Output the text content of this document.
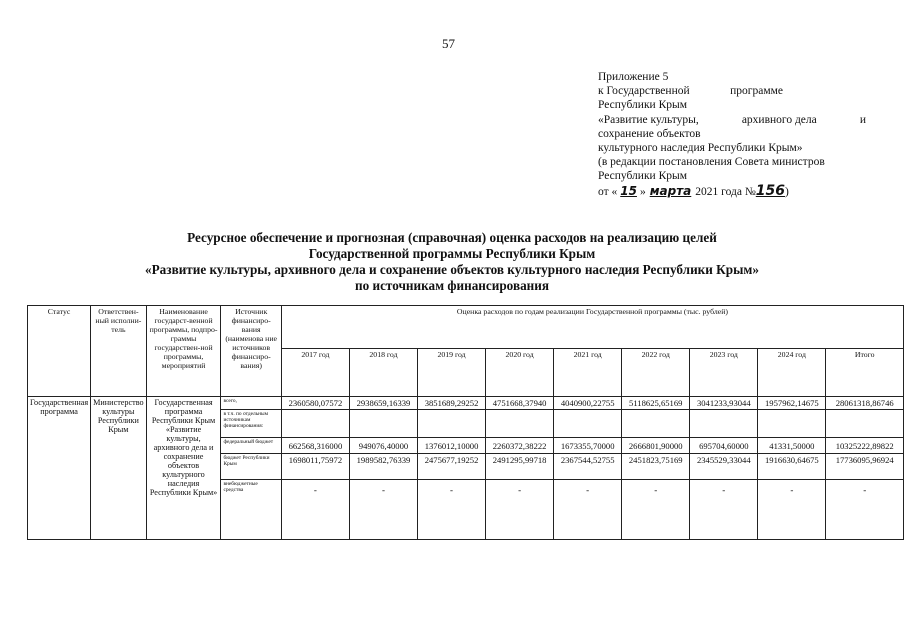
57
Приложение 5
к Государственной	программе
Республики Крым
«Развитие культуры,	архивного дела	и
сохранение объектов
культурного наследия Республики Крым»
(в редакции постановления Совета министров
Республики Крым
от « 15 » марта 2021 года №156)
Ресурсное обеспечение и прогнозная (справочная) оценка расходов на реализацию целей
Государственной программы Республики Крым
«Развитие культуры, архивного дела и сохранение объектов культурного наследия Республики Крым»
по источникам финансирования
Статус	Ответствен-ный исполни-тель	Наименование государст-венной программы, подпро-граммы государствен-ной программы, мероприятий	Источник финансиро-вания (наименова ние источников финансиро-вания)	Оценка расходов по годам реализации Государственной программы (тыс. рублей)								
				2017 год	2018 год	2019 год	2020 год	2021 год	2022 год	2023 год	2024 год	Итого
Государственная программа	Министерство культуры Республики Крым	Государственная программа Республики Крым «Развитие культуры, архивного дела и сохранение объектов культурного наследия Республики Крым»	всего,	2360580,07572	2938659,16339	3851689,29252	4751668,37940	4040900,22755	5118625,65169	3041233,93044	1957962,14675	28061318,86746
			в т.ч. по отдельным источникам финансирования:									
			федеральный бюджет	662568,316000	949076,40000	1376012,10000	2260372,38222	1673355,70000	2666801,90000	695704,60000	41331,50000	10325222,89822
			бюджет Республики Крым	1698011,75972	1989582,76339	2475677,19252	2491295,99718	2367544,52755	2451823,75169	2345529,33044	1916630,64675	17736095,96924
			внебюджетные средства	-	-	-	-	-	-	-	-	-
